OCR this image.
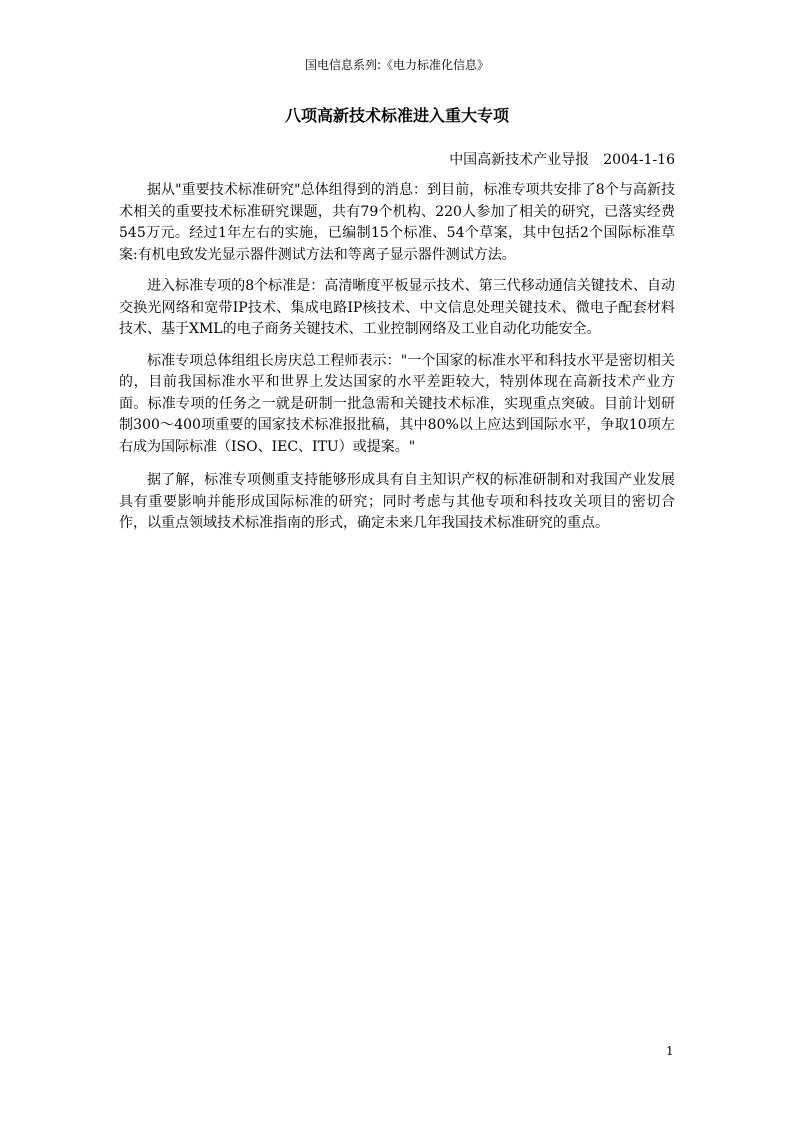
国电信息系列:《电力标准化信息》
八项高新技术标准进入重大专项
中国高新技术产业导报 2004-1-16

据从"重要技术标准研究"总体组得到的消息：到目前，标准专项共安排了8个与高新技术相关的重要技术标准研究课题，共有79个机构、220人参加了相关的研究，已落实经费545万元。经过1年左右的实施，已编制15个标准、54个草案，其中包括2个国际标准草案:有机电致发光显示器件测试方法和等离子显示器件测试方法。

进入标准专项的8个标准是：高清晰度平板显示技术、第三代移动通信关键技术、自动交换光网络和宽带IP技术、集成电路IP核技术、中文信息处理关键技术、微电子配套材料技术、基于XML的电子商务关键技术、工业控制网络及工业自动化功能安全。

标准专项总体组组长房庆总工程师表示："一个国家的标准水平和科技水平是密切相关的，目前我国标准水平和世界上发达国家的水平差距较大，特别体现在高新技术产业方面。标准专项的任务之一就是研制一批急需和关键技术标准，实现重点突破。目前计划研制300～400项重要的国家技术标准报批稿，其中80%以上应达到国际水平，争取10项左右成为国际标准（ISO、IEC、ITU）或提案。"

据了解，标准专项侧重支持能够形成具有自主知识产权的标准研制和对我国产业发展具有重要影响并能形成国际标准的研究；同时考虑与其他专项和科技攻关项目的密切合作，以重点领域技术标准指南的形式，确定未来几年我国技术标准研究的重点。

1
